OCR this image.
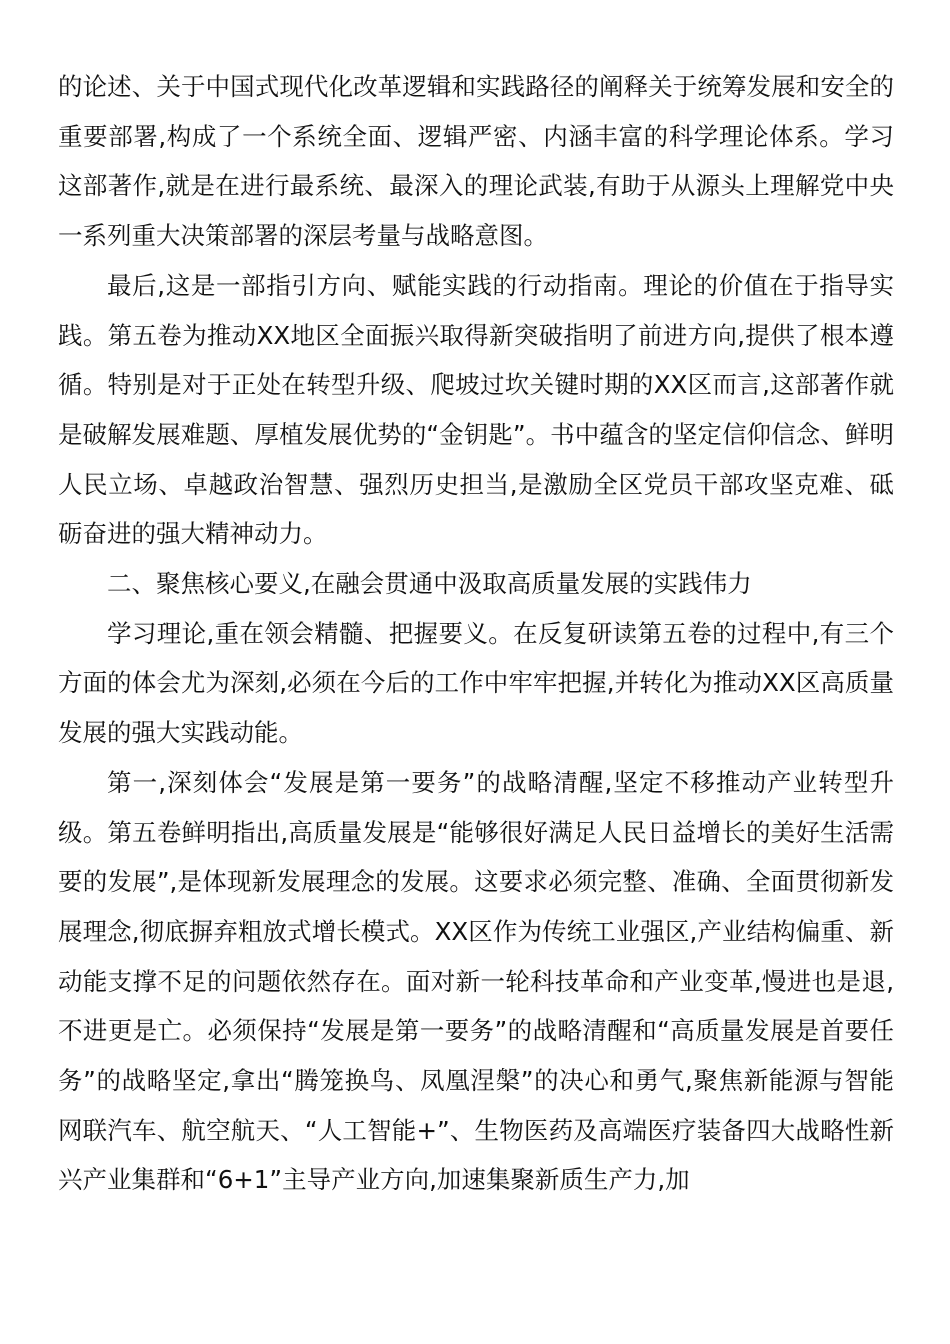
的论述、关于中国式现代化改革逻辑和实践路径的阐释关于统筹发展和安全的重要部署,构成了一个系统全面、逻辑严密、内涵丰富的科学理论体系。学习这部著作,就是在进行最系统、最深入的理论武装,有助于从源头上理解党中央一系列重大决策部署的深层考量与战略意图。

最后,这是一部指引方向、赋能实践的行动指南。理论的价值在于指导实践。第五卷为推动XX地区全面振兴取得新突破指明了前进方向,提供了根本遵循。特别是对于正处在转型升级、爬坡过坎关键时期的XX区而言,这部著作就是破解发展难题、厚植发展优势的“金钥匙”。书中蕴含的坚定信仰信念、鲜明人民立场、卓越政治智慧、强烈历史担当,是激励全区党员干部攻坚克难、砥砺奋进的强大精神动力。

二、聚焦核心要义,在融会贯通中汲取高质量发展的实践伟力

学习理论,重在领会精髓、把握要义。在反复研读第五卷的过程中,有三个方面的体会尤为深刻,必须在今后的工作中牢牢把握,并转化为推动XX区高质量发展的强大实践动能。

第一,深刻体会“发展是第一要务”的战略清醒,坚定不移推动产业转型升级。第五卷鲜明指出,高质量发展是“能够很好满足人民日益增长的美好生活需要的发展”,是体现新发展理念的发展。这要求必须完整、准确、全面贯彻新发展理念,彻底摒弃粗放式增长模式。XX区作为传统工业强区,产业结构偏重、新动能支撑不足的问题依然存在。面对新一轮科技革命和产业变革,慢进也是退,不进更是亡。必须保持“发展是第一要务”的战略清醒和“高质量发展是首要任务”的战略坚定,拿出“腾笼换鸟、凤凰涅槃”的决心和勇气,聚焦新能源与智能网联汽车、航空航天、“人工智能+”、生物医药及高端医疗装备四大战略性新兴产业集群和“6+1”主导产业方向,加速集聚新质生产力,加
